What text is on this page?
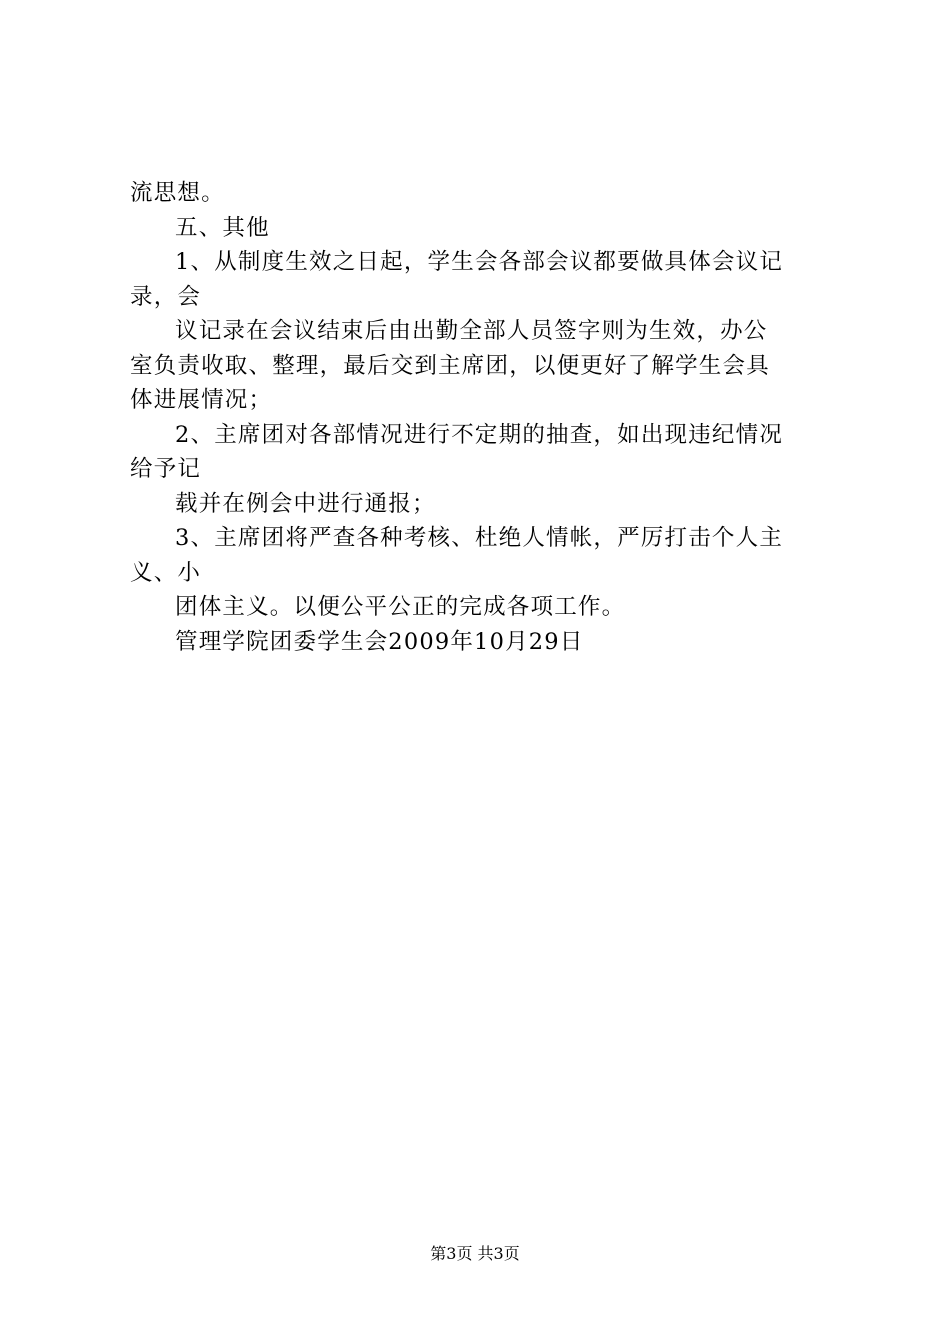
流思想。
五、其他
1、从制度生效之日起，学生会各部会议都要做具体会议记
录，会
议记录在会议结束后由出勤全部人员签字则为生效，办公
室负责收取、整理，最后交到主席团，以便更好了解学生会具
体进展情况；
2、主席团对各部情况进行不定期的抽查，如出现违纪情况
给予记
载并在例会中进行通报；
3、主席团将严查各种考核、杜绝人情帐，严厉打击个人主
义、小
团体主义。以便公平公正的完成各项工作。
管理学院团委学生会2009年10月29日
第3页 共3页
